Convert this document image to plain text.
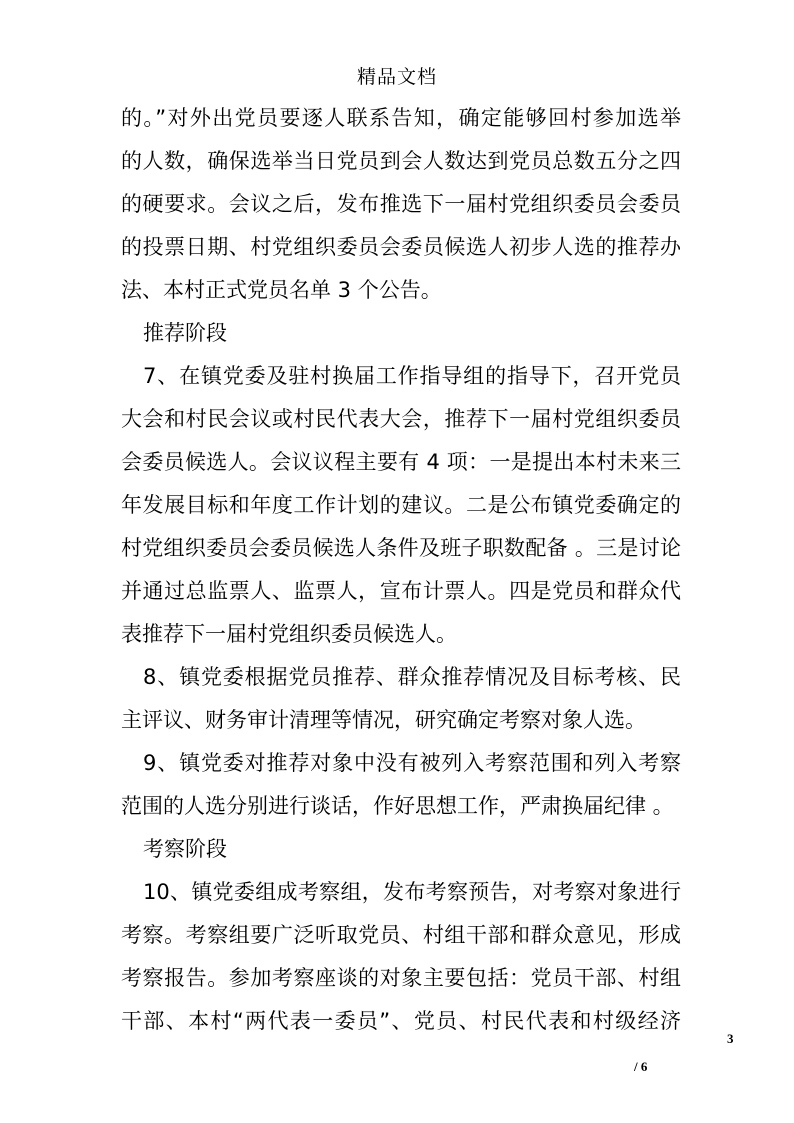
精品文档
的。”对外出党员要逐人联系告知，确定能够回村参加选举
的人数，确保选举当日党员到会人数达到党员总数五分之四
的硬要求。会议之后，发布推选下一届村党组织委员会委员
的投票日期、村党组织委员会委员候选人初步人选的推荐办
法、本村正式党员名单 3 个公告。
推荐阶段
7、在镇党委及驻村换届工作指导组的指导下，召开党员
大会和村民会议或村民代表大会，推荐下一届村党组织委员
会委员候选人。会议议程主要有 4 项：一是提出本村未来三
年发展目标和年度工作计划的建议。二是公布镇党委确定的
村党组织委员会委员候选人条件及班子职数配备 。三是讨论
并通过总监票人、监票人，宣布计票人。四是党员和群众代
表推荐下一届村党组织委员候选人。
8、镇党委根据党员推荐、群众推荐情况及目标考核、民
主评议、财务审计清理等情况，研究确定考察对象人选。
9、镇党委对推荐对象中没有被列入考察范围和列入考察
范围的人选分别进行谈话，作好思想工作，严肃换届纪律 。
考察阶段
10、镇党委组成考察组，发布考察预告，对考察对象进行
考察。考察组要广泛听取党员、村组干部和群众意见，形成
考察报告。参加考察座谈的对象主要包括：党员干部、村组
干部、本村“两代表一委员”、党员、村民代表和村级经济
3
/ 6
